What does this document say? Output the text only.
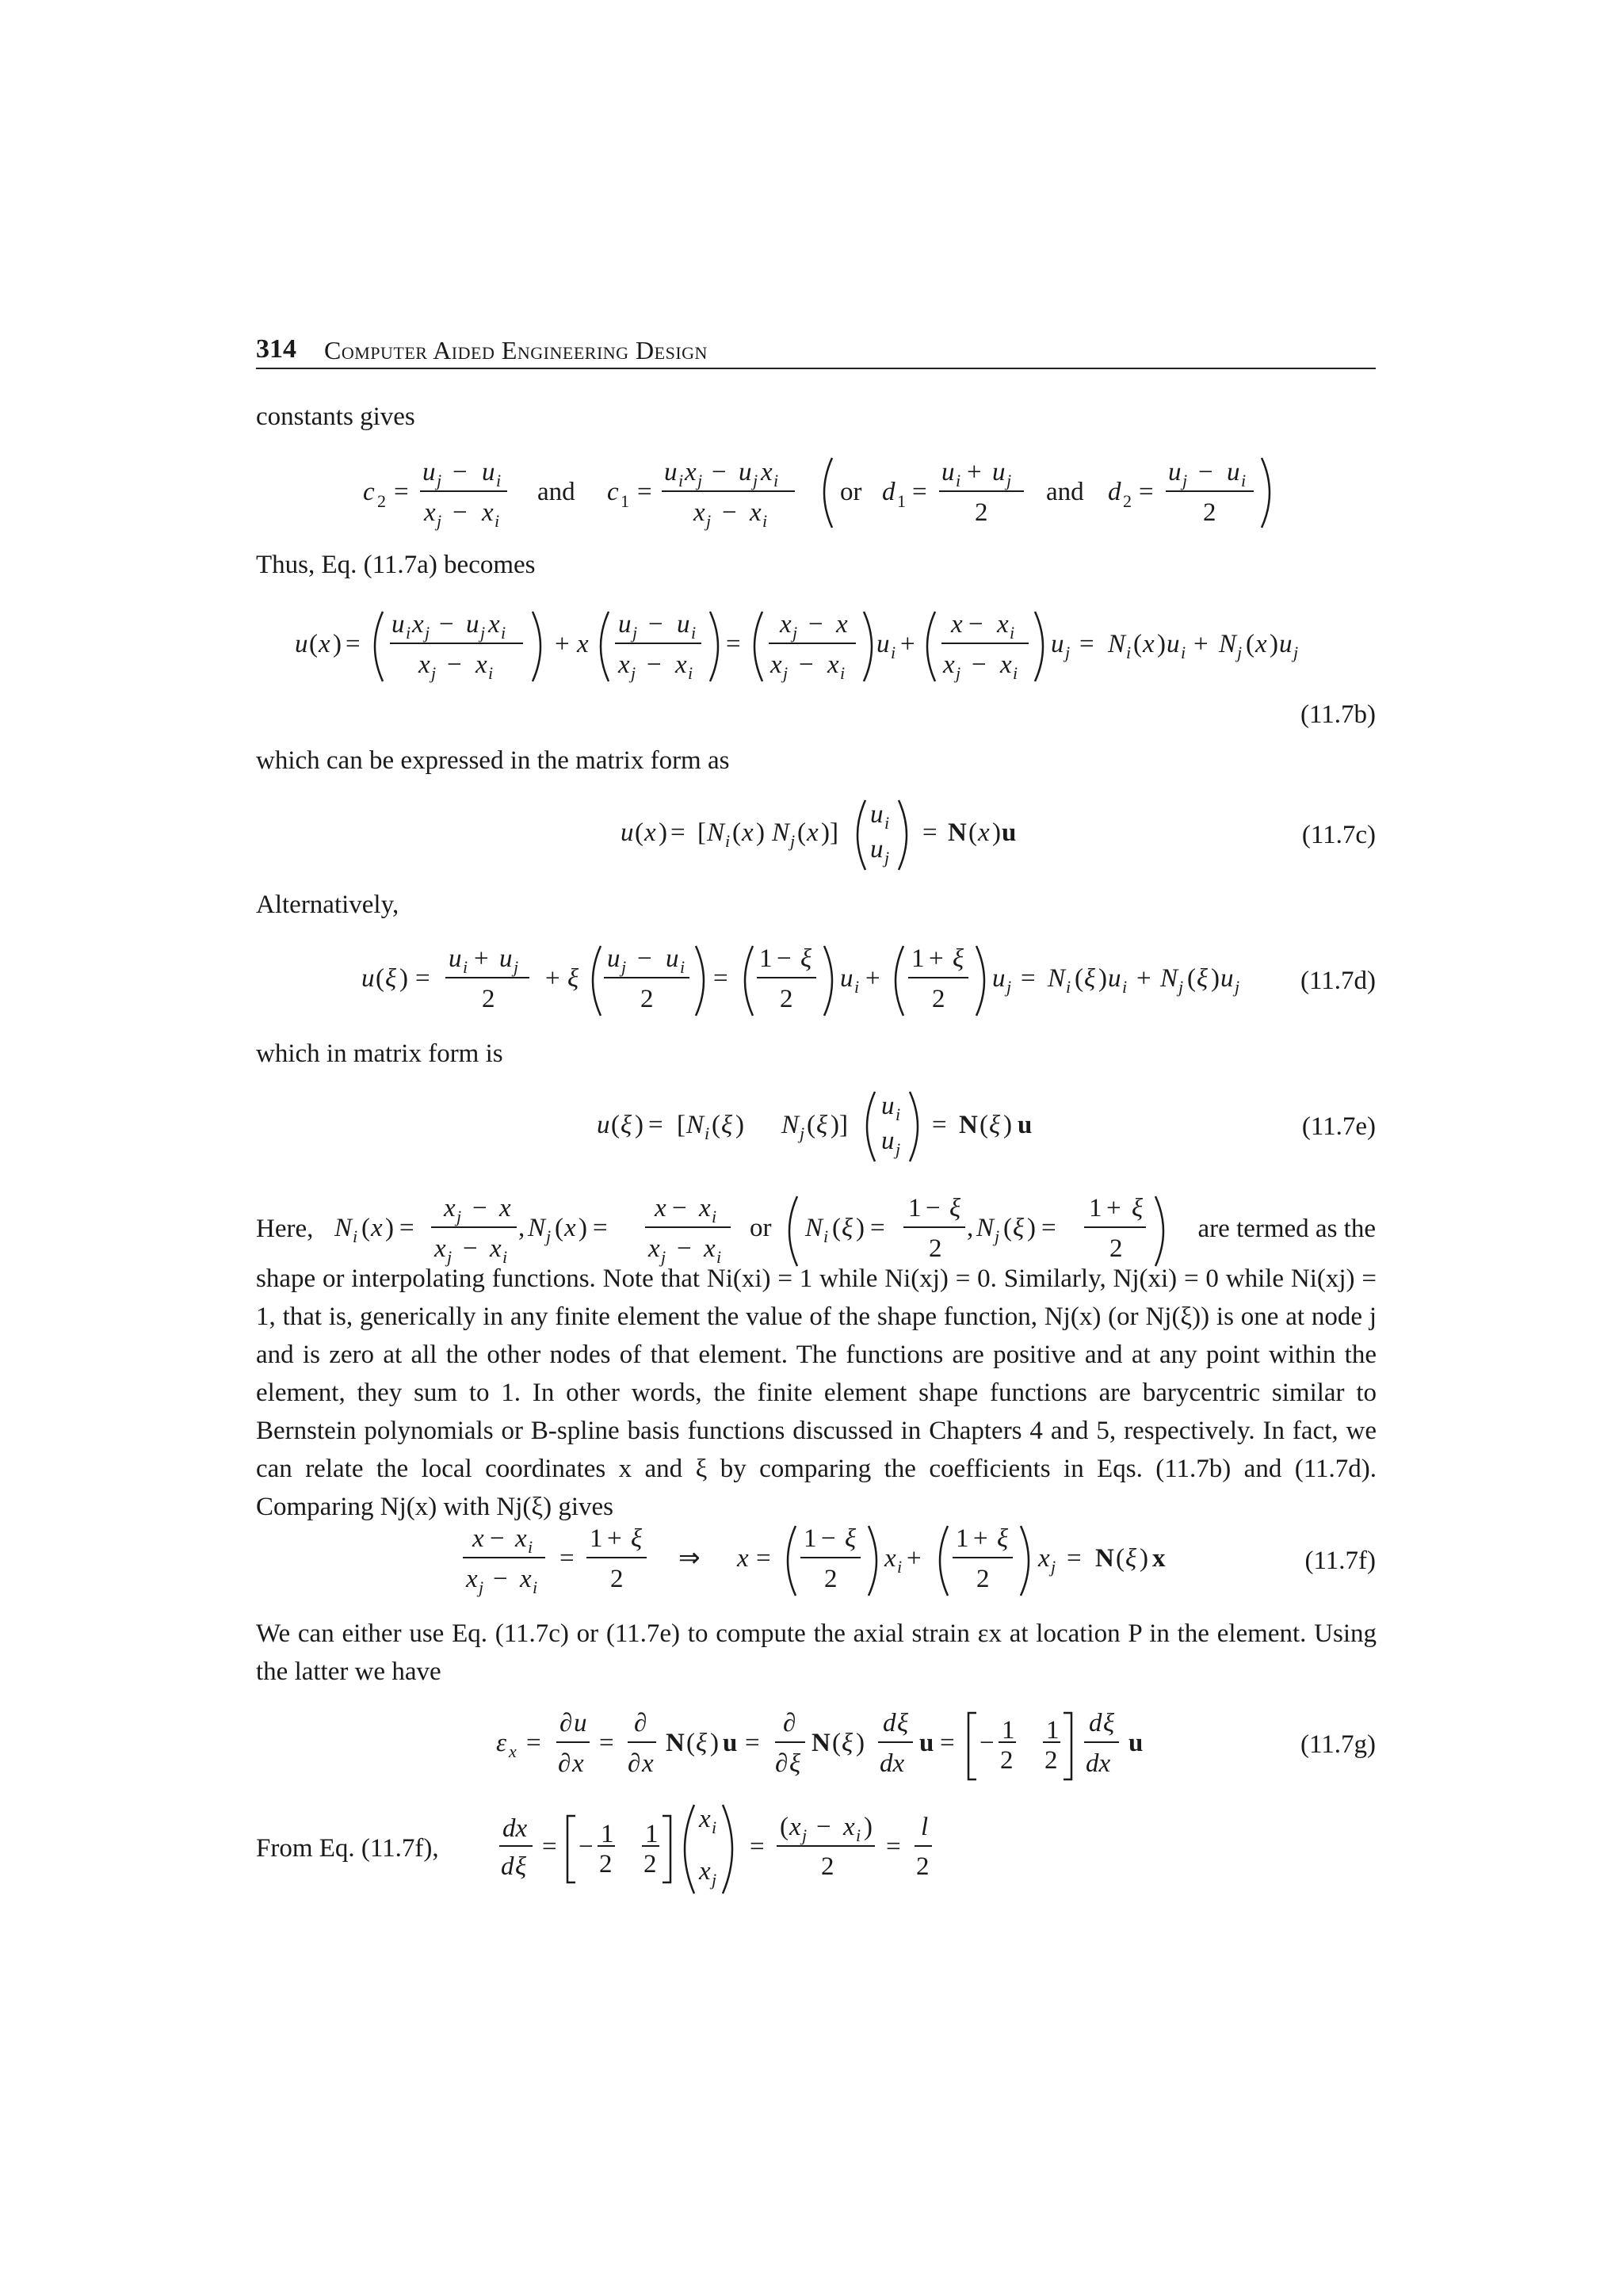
314 Computer Aided Engineering Design
constants gives
c 2 =
u j − u i
x j − x i
and c 1 =
u i x j − u j x i
x j − x i
or d 1 =
u i + u j
2
and d 2 =
u j − u i
2
Thus, Eq. (11.7a) becomes
u ( x ) =
u i x j − u j x i
x j − x i
+ x
u j − u i
x j − x i
=
x j − x
x j − x i
u i +
x − x i
x j − x i
u j = N i ( x ) u i + N j ( x ) u j
(11.7b)
which can be expressed in the matrix form as
u ( x ) = [ N i ( x ) N j ( x )]
u i
u j
= N ( x ) u	(11.7c)
Alternatively,
u ( ξ ) =
u i + u j
2
+ ξ
u j − u i
2
=
1 − ξ
2
u i +
1 + ξ
2
u j = N i ( ξ ) u i + N j ( ξ ) u j (11.7d)
which in matrix form is
u ( ξ ) = [ N i ( ξ ) N j ( ξ )]
u i
u j
= N ( ξ ) u	(11.7e)
Here, N i ( x ) =
x j − x
x j − x i
, N j ( x ) =
x − x i
x j − x i
or N i ( ξ ) =
1 − ξ
2
, N j ( ξ ) =
1 + ξ
2
are termed as the
shape or interpolating functions. Note that Ni(xi) = 1 while Ni(xj) = 0. Similarly, Nj(xi) = 0 while Ni(xj) = 1, that is, generically in any finite element the value of the shape function, Nj(x) (or Nj(ξ)) is one at node j and is zero at all the other nodes of that element. The functions are positive and at any point within the element, they sum to 1. In other words, the finite element shape functions are barycentric similar to Bernstein polynomials or B-spline basis functions discussed in Chapters 4 and 5, respectively. In fact, we can relate the local coordinates x and ξ by comparing the coefficients in Eqs. (11.7b) and (11.7d). Comparing Nj(x) with Nj(ξ) gives
x − x i
x j − x i
=
1 + ξ
2
⇒ x =
1 − ξ
2
x i +
1 + ξ
2
x j = N ( ξ ) x	(11.7f)
We can either use Eq. (11.7c) or (11.7e) to compute the axial strain εx at location P in the element. Using the latter we have
ε x =
∂ u
∂ x
=
∂
∂ x
N ( ξ ) u =
∂
∂ ξ
N ( ξ )
d ξ
dx
u = − 1
2
1
2
d ξ
dx
u	(11.7g)
From Eq. (11.7f),
dx
d ξ
= − 1
2
1
2
x i
x j
=
( x j − x i )
2
=
l
2
